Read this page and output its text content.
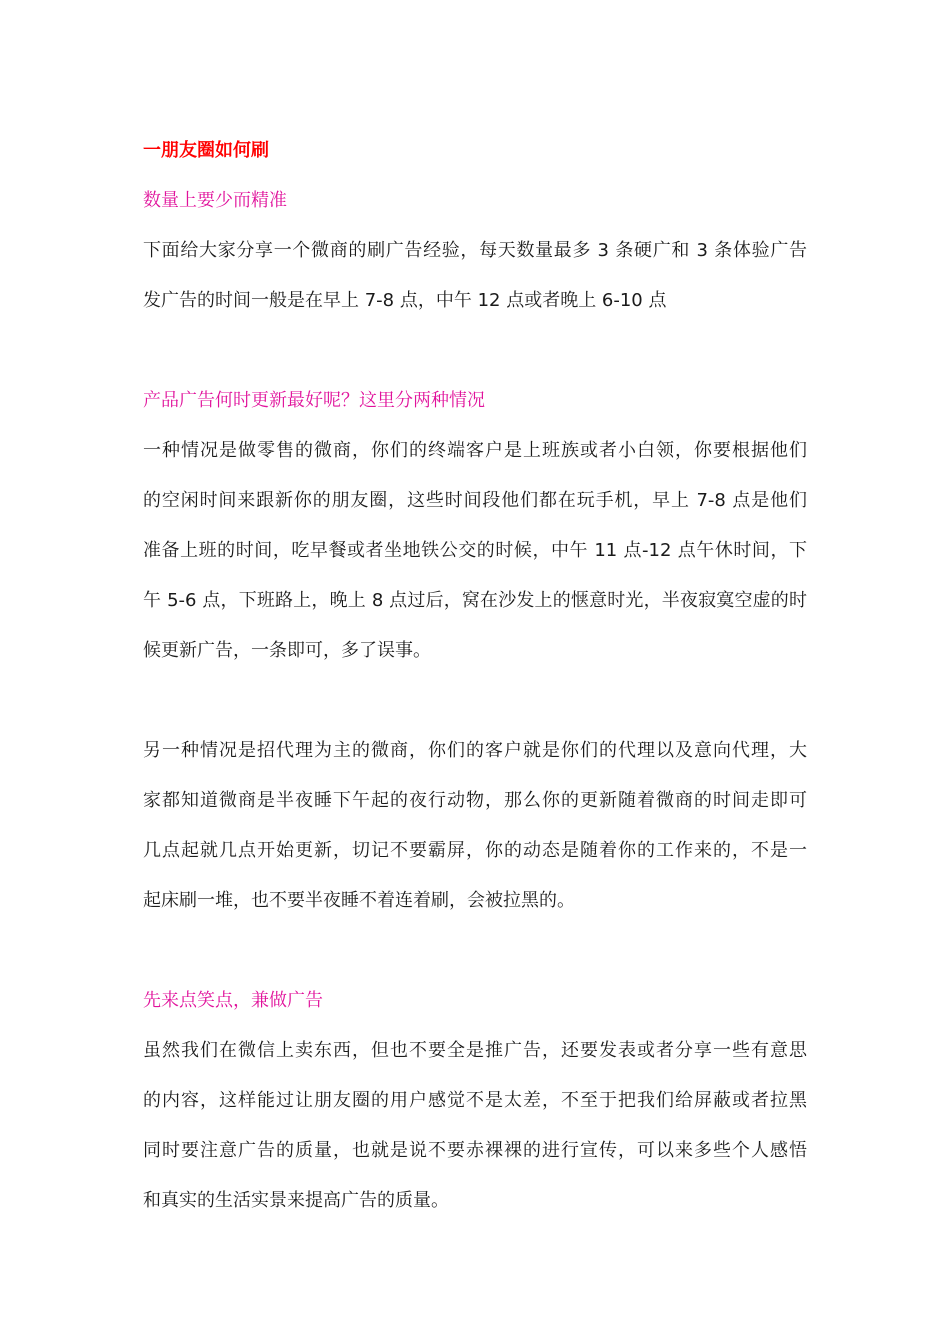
一朋友圈如何刷
数量上要少而精准
下面给大家分享一个微商的刷广告经验，每天数量最多 3 条硬广和 3 条体验广告
发广告的时间一般是在早上 7-8 点，中午 12 点或者晚上 6-10 点
产品广告何时更新最好呢？这里分两种情况
一种情况是做零售的微商，你们的终端客户是上班族或者小白领，你要根据他们
的空闲时间来跟新你的朋友圈，这些时间段他们都在玩手机，早上 7-8 点是他们
准备上班的时间，吃早餐或者坐地铁公交的时候，中午 11 点-12 点午休时间，下
午 5-6 点，下班路上，晚上 8 点过后，窝在沙发上的惬意时光，半夜寂寞空虚的时
候更新广告，一条即可，多了误事。
另一种情况是招代理为主的微商，你们的客户就是你们的代理以及意向代理，大
家都知道微商是半夜睡下午起的夜行动物，那么你的更新随着微商的时间走即可
几点起就几点开始更新，切记不要霸屏，你的动态是随着你的工作来的，不是一
起床刷一堆，也不要半夜睡不着连着刷，会被拉黑的。
先来点笑点，兼做广告
虽然我们在微信上卖东西，但也不要全是推广告，还要发表或者分享一些有意思
的内容，这样能过让朋友圈的用户感觉不是太差，不至于把我们给屏蔽或者拉黑
同时要注意广告的质量，也就是说不要赤裸裸的进行宣传，可以来多些个人感悟
和真实的生活实景来提高广告的质量。
